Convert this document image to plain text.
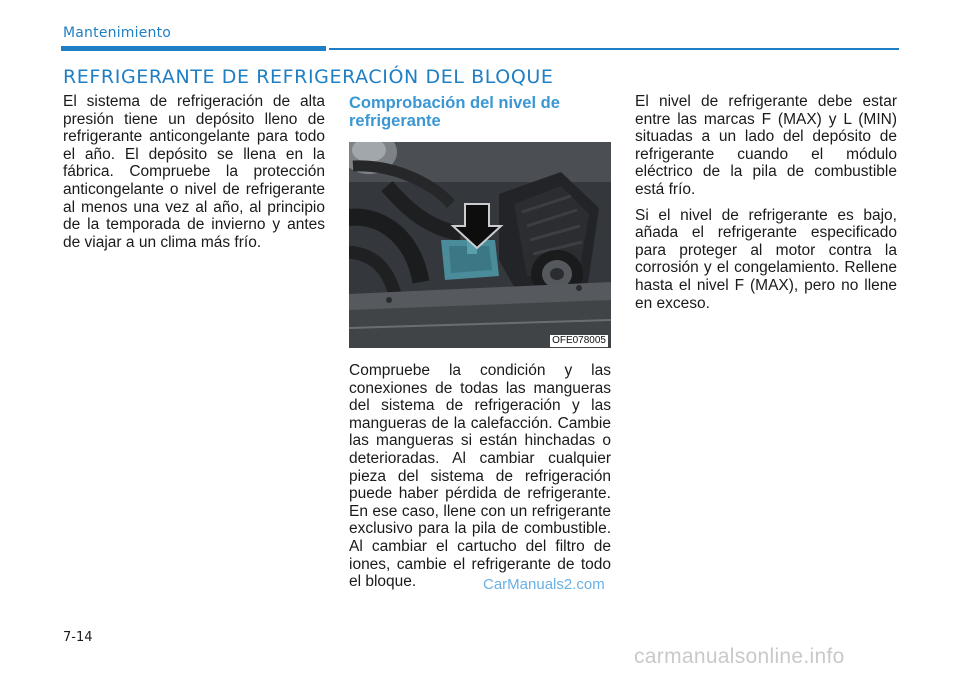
Mantenimiento
REFRIGERANTE DE REFRIGERACIÓN DEL BLOQUE

El sistema de refrigeración de alta presión tiene un depósito lleno de refrigerante anticongelante para todo el año. El depósito se llena en la fábrica. Compruebe la protección anticongelante o nivel de refrigerante al menos una vez al año, al principio de la temporada de invierno y antes de viajar a un clima más frío.

Comprobación del nivel de refrigerante
OFE078005

Compruebe la condición y las conexiones de todas las mangueras del sistema de refrigeración y las mangueras de la calefacción. Cambie las mangueras si están hinchadas o deterioradas. Al cambiar cualquier pieza del sistema de refrigeración puede haber pérdida de refrigerante. En ese caso, llene con un refrigerante exclusivo para la pila de combustible. Al cambiar el cartucho del filtro de iones, cambie el refrigerante de todo el bloque.

El nivel de refrigerante debe estar entre las marcas F (MAX) y L (MIN) situadas a un lado del depósito de refrigerante cuando el módulo eléctrico de la pila de combustible está frío.

Si el nivel de refrigerante es bajo, añada el refrigerante especificado para proteger al motor contra la corrosión y el congelamiento. Rellene hasta el nivel F (MAX), pero no llene en exceso.

CarManuals2.com
7-14
carmanualsonline.info
